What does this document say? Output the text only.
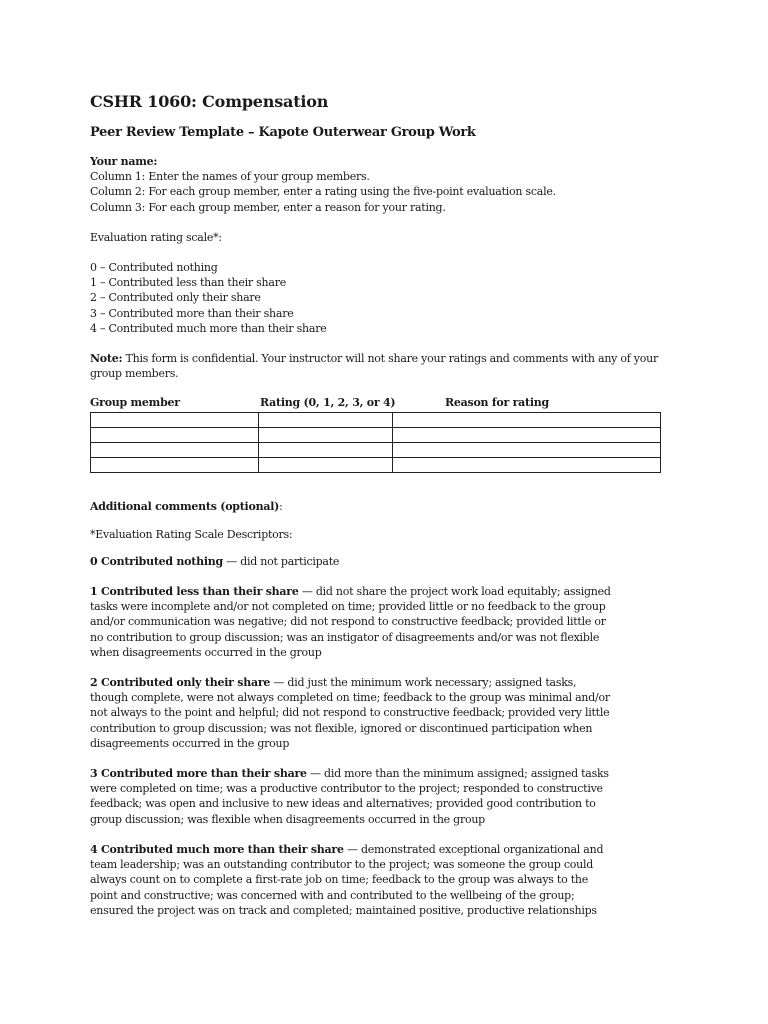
CSHR 1060: Compensation
Peer Review Template – Kapote Outerwear Group Work
Your name:
Column 1: Enter the names of your group members.
Column 2: For each group member, enter a rating using the five-point evaluation scale.
Column 3: For each group member, enter a reason for your rating.
Evaluation rating scale*:
0 – Contributed nothing
1 – Contributed less than their share
2 – Contributed only their share
3 – Contributed more than their share
4 – Contributed much more than their share
Note: This form is confidential. Your instructor will not share your ratings and comments with any of your
group members.
Group member	Rating (0, 1, 2, 3, or 4)	Reason for rating

Additional comments (optional):
*Evaluation Rating Scale Descriptors:

0 Contributed nothing — did not participate

1 Contributed less than their share — did not share the project work load equitably; assigned
tasks were incomplete and/or not completed on time; provided little or no feedback to the group
and/or communication was negative; did not respond to constructive feedback; provided little or
no contribution to group discussion; was an instigator of disagreements and/or was not flexible
when disagreements occurred in the group

2 Contributed only their share — did just the minimum work necessary; assigned tasks,
though complete, were not always completed on time; feedback to the group was minimal and/or
not always to the point and helpful; did not respond to constructive feedback; provided very little
contribution to group discussion; was not flexible, ignored or discontinued participation when
disagreements occurred in the group

3 Contributed more than their share — did more than the minimum assigned; assigned tasks
were completed on time; was a productive contributor to the project; responded to constructive
feedback; was open and inclusive to new ideas and alternatives; provided good contribution to
group discussion; was flexible when disagreements occurred in the group

4 Contributed much more than their share — demonstrated exceptional organizational and
team leadership; was an outstanding contributor to the project; was someone the group could
always count on to complete a first-rate job on time; feedback to the group was always to the
point and constructive; was concerned with and contributed to the wellbeing of the group;
ensured the project was on track and completed; maintained positive, productive relationships
